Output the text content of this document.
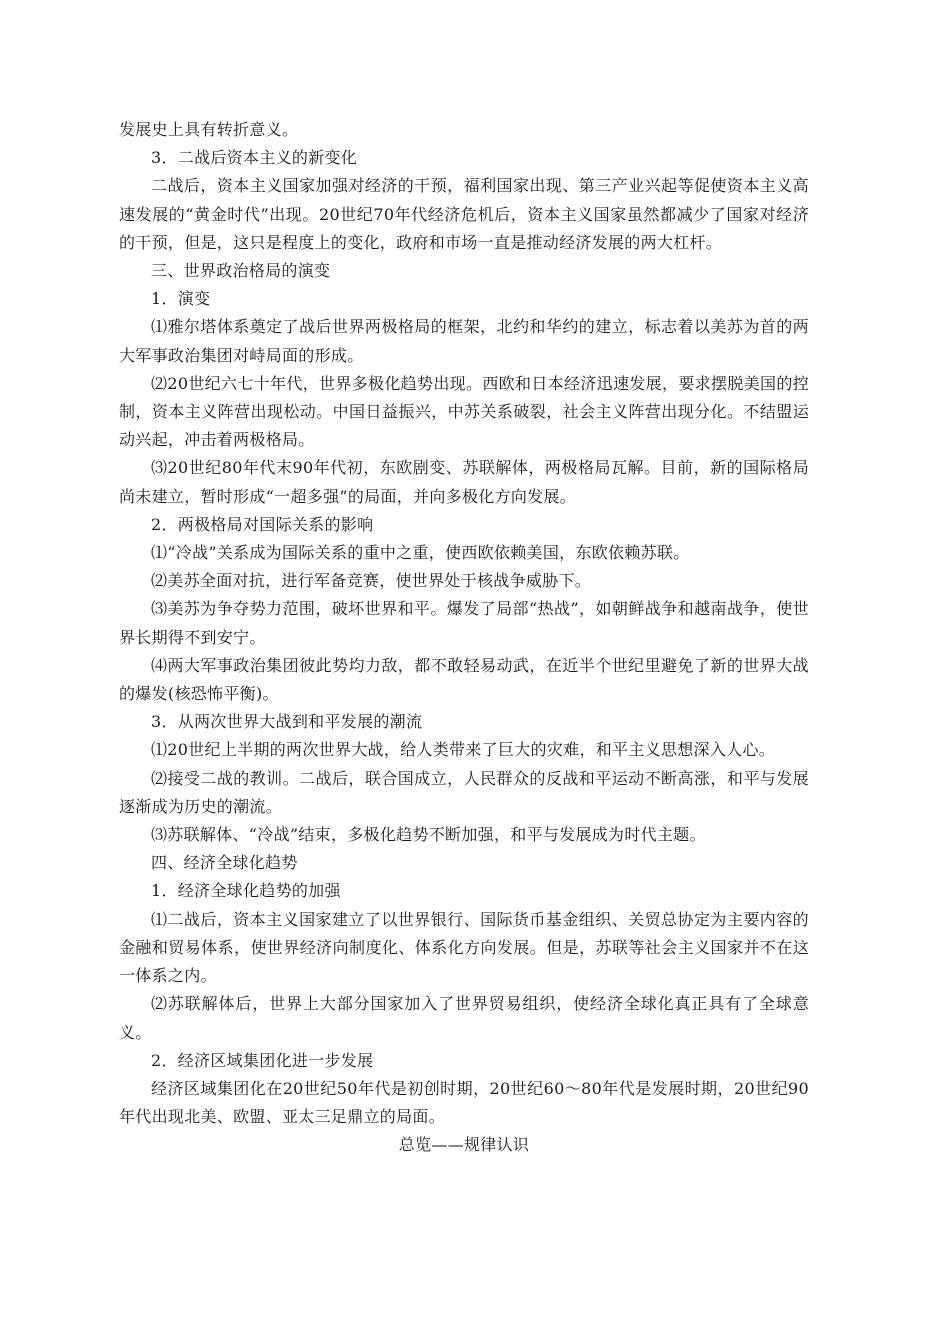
发展史上具有转折意义。

3．二战后资本主义的新变化

二战后，资本主义国家加强对经济的干预，福利国家出现、第三产业兴起等促使资本主义高速发展的“黄金时代”出现。20世纪70年代经济危机后，资本主义国家虽然都减少了国家对经济的干预，但是，这只是程度上的变化，政府和市场一直是推动经济发展的两大杠杆。

三、世界政治格局的演变

1．演变

⑴雅尔塔体系奠定了战后世界两极格局的框架，北约和华约的建立，标志着以美苏为首的两大军事政治集团对峙局面的形成。

⑵20世纪六七十年代，世界多极化趋势出现。西欧和日本经济迅速发展，要求摆脱美国的控制，资本主义阵营出现松动。中国日益振兴，中苏关系破裂，社会主义阵营出现分化。不结盟运动兴起，冲击着两极格局。

⑶20世纪80年代末90年代初，东欧剧变、苏联解体，两极格局瓦解。目前，新的国际格局尚未建立，暂时形成“一超多强”的局面，并向多极化方向发展。

2．两极格局对国际关系的影响

⑴“冷战”关系成为国际关系的重中之重，使西欧依赖美国，东欧依赖苏联。

⑵美苏全面对抗，进行军备竞赛，使世界处于核战争威胁下。

⑶美苏为争夺势力范围，破坏世界和平。爆发了局部“热战”，如朝鲜战争和越南战争，使世界长期得不到安宁。

⑷两大军事政治集团彼此势均力敌，都不敢轻易动武，在近半个世纪里避免了新的世界大战的爆发(核恐怖平衡)。

3．从两次世界大战到和平发展的潮流

⑴20世纪上半期的两次世界大战，给人类带来了巨大的灾难，和平主义思想深入人心。

⑵接受二战的教训。二战后，联合国成立，人民群众的反战和平运动不断高涨，和平与发展逐渐成为历史的潮流。

⑶苏联解体、“冷战”结束，多极化趋势不断加强，和平与发展成为时代主题。

四、经济全球化趋势

1．经济全球化趋势的加强

⑴二战后，资本主义国家建立了以世界银行、国际货币基金组织、关贸总协定为主要内容的金融和贸易体系，使世界经济向制度化、体系化方向发展。但是，苏联等社会主义国家并不在这一体系之内。

⑵苏联解体后，世界上大部分国家加入了世界贸易组织，使经济全球化真正具有了全球意义。

2．经济区域集团化进一步发展

经济区域集团化在20世纪50年代是初创时期，20世纪60～80年代是发展时期，20世纪90年代出现北美、欧盟、亚太三足鼎立的局面。

总览——规律认识
